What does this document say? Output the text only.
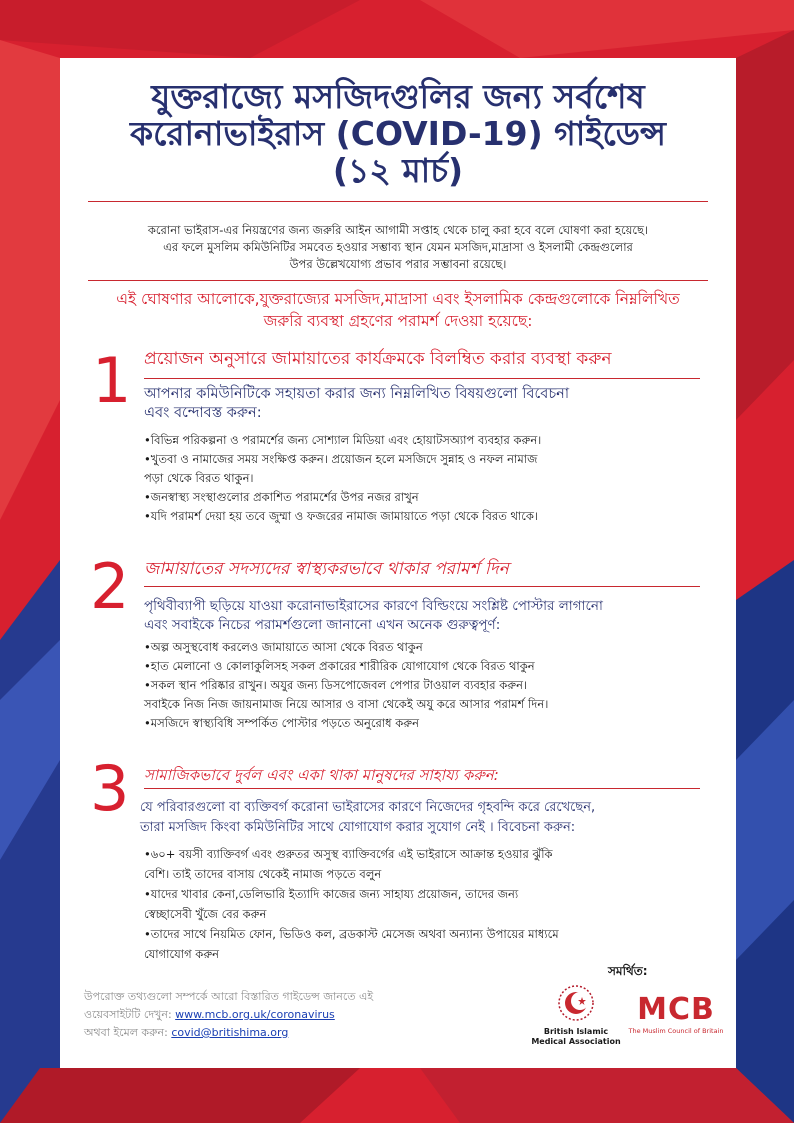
যুক্তরাজ্যে মসজিদগুলির জন্য সর্বশেষ
করোনাভাইরাস (COVID-19) গাইডেন্স
(১২ মার্চ)
করোনা ভাইরাস-এর নিয়ন্ত্রণের জন্য জরুরি আইন আগামী সপ্তাহ থেকে চালু করা হবে বলে ঘোষণা করা হয়েছে।
এর ফলে মুসলিম কমিউনিটির সমবেত হওয়ার সম্ভাব্য স্থান যেমন মসজিদ,মাদ্রাসা ও ইসলামী কেন্দ্রগুলোর
উপর উল্লেখযোগ্য প্রভাব পরার সম্ভাবনা রয়েছে।
এই ঘোষণার আলোকে,যুক্তরাজ্যের মসজিদ,মাদ্রাসা এবং ইসলামিক কেন্দ্রগুলোকে নিম্নলিখিত
জরুরি ব্যবস্থা গ্রহণের পরামর্শ দেওয়া হয়েছে:
1 প্রয়োজন অনুসারে জামায়াতের কার্যক্রমকে বিলম্বিত করার ব্যবস্থা করুন
আপনার কমিউনিটিকে সহায়তা করার জন্য নিম্নলিখিত বিষয়গুলো বিবেচনা
এবং বন্দোবস্ত করুন:
•বিভিন্ন পরিকল্পনা ও পরামর্শের জন্য সোশ্যাল মিডিয়া এবং হোয়াটসঅ্যাপ ব্যবহার করুন।
•খুতবা ও নামাজের সময় সংক্ষিপ্ত করুন। প্রয়োজন হলে মসজিদে সুন্নাহ ও নফল নামাজ
পড়া থেকে বিরত থাকুন।
•জনস্বাস্থ্য সংস্থাগুলোর প্রকাশিত পরামর্শের উপর নজর রাখুন
•যদি পরামর্শ দেয়া হয় তবে জুম্মা ও ফজরের নামাজ জামায়াতে পড়া থেকে বিরত থাকে।
2 জামায়াতের সদস্যদের স্বাস্থ্যকরভাবে থাকার পরামর্শ দিন
পৃথিবীব্যাপী ছড়িয়ে যাওয়া করোনাভাইরাসের কারণে বিল্ডিংয়ে সংশ্লিষ্ট পোস্টার লাগানো
এবং সবাইকে নিচের পরামর্শগুলো জানানো এখন অনেক গুরুত্বপূর্ণ:
•অল্প অসুস্থবোধ করলেও জামায়াতে আসা থেকে বিরত থাকুন
•হাত মেলানো ও কোলাকুলিসহ সকল প্রকারের শারীরিক যোগাযোগ থেকে বিরত থাকুন
•সকল স্থান পরিষ্কার রাখুন। অযুর জন্য ডিসপোজেবল পেপার টাওয়াল ব্যবহার করুন।
সবাইকে নিজ নিজ জায়নামাজ নিয়ে আসার ও বাসা থেকেই অযু করে আসার পরামর্শ দিন।
•মসজিদে স্বাস্থ্যবিধি সম্পর্কিত পোস্টার পড়তে অনুরোধ করুন
3 সামাজিকভাবে দুর্বল এবং একা থাকা মানুষদের সাহায্য করুন:
যে পরিবারগুলো বা ব্যক্তিবর্গ করোনা ভাইরাসের কারণে নিজেদের গৃহবন্দি করে রেখেছেন,
তারা মসজিদ কিংবা কমিউনিটির সাথে যোগাযোগ করার সুযোগ নেই । বিবেচনা করুন:
•৬০+ বয়সী ব্যাক্তিবর্গ এবং গুরুতর অসুস্থ ব্যাক্তিবর্গের এই ভাইরাসে আক্রান্ত হওয়ার ঝুঁকি
বেশি। তাই তাদের বাসায় থেকেই নামাজ পড়তে বলুন
•যাদের খাবার কেনা,ডেলিভারি ইত্যাদি কাজের জন্য সাহায্য প্রয়োজন, তাদের জন্য
স্বেচ্ছাসেবী খুঁজে বের করুন
•তাদের সাথে নিয়মিত ফোন, ভিডিও কল, ব্রডকাস্ট মেসেজ অথবা অন্যান্য উপায়ের মাধ্যমে
যোগাযোগ করুন
উপরোক্ত তথ্যগুলো সম্পর্কে আরো বিস্তারিত গাইডেন্স জানতে এই
ওয়েবসাইটটি দেখুন: www.mcb.org.uk/coronavirus
অথবা ইমেল করুন: covid@britishima.org
সমর্থিত:
British Islamic
Medical Association
MCB
The Muslim Council of Britain
